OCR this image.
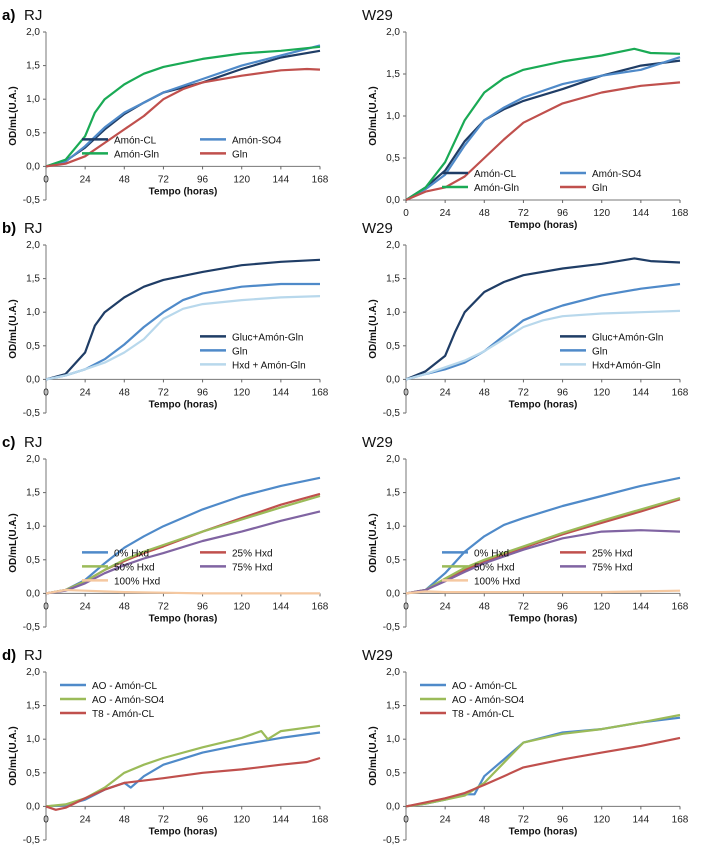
a) RJ
-0,5
0,0
0,5
1,0
1,5
2,0
0	24	48	72	96	120 144 168
Tempo (horas)
OD/mL(U.A.)	Amón-CL	Amón-SO4
Amón-Gln	Gln
W29
0,0
0,5
1,0
1,5
2,0
0	24	48	72	96	120 144 168
Tempo (horas)
OD/mL(U.A.)
Amón-CL	Amón-SO4
Amón-Gln	Gln
b) RJ
-0,5
0,0
0,5
1,0
1,5
2,0
0	24	48	72	96	120 144 168
Tempo (horas)
OD/mL(U.A.)	Gluc+Amón-Gln
Gln
Hxd + Amón-Gln
W29
-0,5
0,0
0,5
1,0
1,5
2,0
0	24	48	72	96	120 144 168
Tempo (horas)
OD/mL(U.A.)	Gluc+Amón-Gln
Gln
Hxd+Amón-Gln
c) RJ
-0,5
0,0
0,5
1,0
1,5
2,0
0	24	48	72	96	120 144 168
Tempo (horas)
OD/mL(U.A.)	0% Hxd	25% Hxd
50% Hxd	75% Hxd
100% Hxd
W29
-0,5
0,0
0,5
1,0
1,5
2,0
0	24	48	72	96	120 144 168
Tempo (horas)
OD/mL(U.A.)	0% Hxd	25% Hxd
50% Hxd	75% Hxd
100% Hxd
d) RJ
-0,5
0,0
0,5
1,0
1,5
2,0
0	24	48	72	96	120 144 168
Tempo (horas)
OD/mL(U.A.)
AO - Amón-CL
AO - Amón-SO4
T8 - Amón-CL
W29
-0,5
0,0
0,5
1,0
1,5
2,0
0	24	48	72	96	120 144 168
Tempo (horas)
OD/mL(U.A.)
AO - Amón-CL
AO - Amón-SO4
T8 - Amón-CL
